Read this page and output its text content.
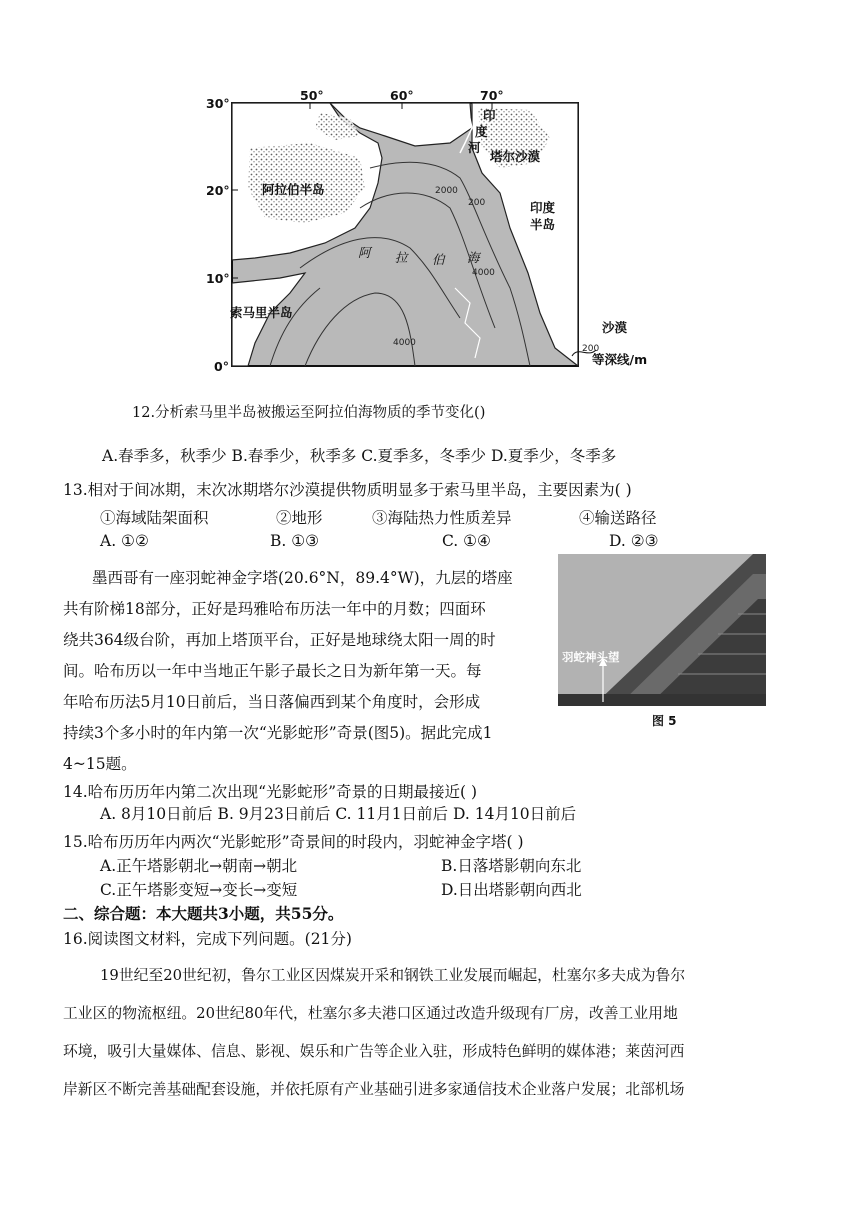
30°
20°
10°
0°
50°	60°	70°
阿拉伯半岛
索马里半岛
塔尔沙漠
印度
半岛
印
度
河
阿 拉 伯 海
2000
200
4000
4000
200
沙漠
等深线/m
12.分析索马里半岛被搬运至阿拉伯海物质的季节变化()
A.春季多，秋季少 B.春季少，秋季多 C.夏季多，冬季少 D.夏季少，冬季多
13.相对于间冰期，末次冰期塔尔沙漠提供物质明显多于索马里半岛，主要因素为( )
①海域陆架面积	②地形	③海陆热力性质差异	④输送路径
A. ①②	B. ①③	C. ①④	D. ②③
墨西哥有一座羽蛇神金字塔(20.6°N，89.4°W)，九层的塔座
共有阶梯18部分，正好是玛雅哈布历法一年中的月数；四面环
绕共364级台阶，再加上塔顶平台，正好是地球绕太阳一周的时
间。哈布历以一年中当地正午影子最长之日为新年第一天。每
年哈布历法5月10日前后，当日落偏西到某个角度时，会形成
持续3个多小时的年内第一次“光影蛇形”奇景(图5)。据此完成1
4~15题。
羽蛇神头望
图 5
14.哈布历历年内第二次出现“光影蛇形”奇景的日期最接近( )
A. 8月10日前后 B. 9月23日前后 C. 11月1日前后 D. 14月10日前后
15.哈布历历年内两次“光影蛇形”奇景间的时段内，羽蛇神金字塔( )
A.正午塔影朝北→朝南→朝北	B.日落塔影朝向东北
C.正午塔影变短→变长→变短	D.日出塔影朝向西北
二、综合题：本大题共3小题，共55分。
16.阅读图文材料，完成下列问题。(21分)
19世纪至20世纪初，鲁尔工业区因煤炭开采和钢铁工业发展而崛起，杜塞尔多夫成为鲁尔
工业区的物流枢纽。20世纪80年代，杜塞尔多夫港口区通过改造升级现有厂房，改善工业用地
环境，吸引大量媒体、信息、影视、娱乐和广告等企业入驻，形成特色鲜明的媒体港；莱茵河西
岸新区不断完善基础配套设施，并依托原有产业基础引进多家通信技术企业落户发展；北部机场
